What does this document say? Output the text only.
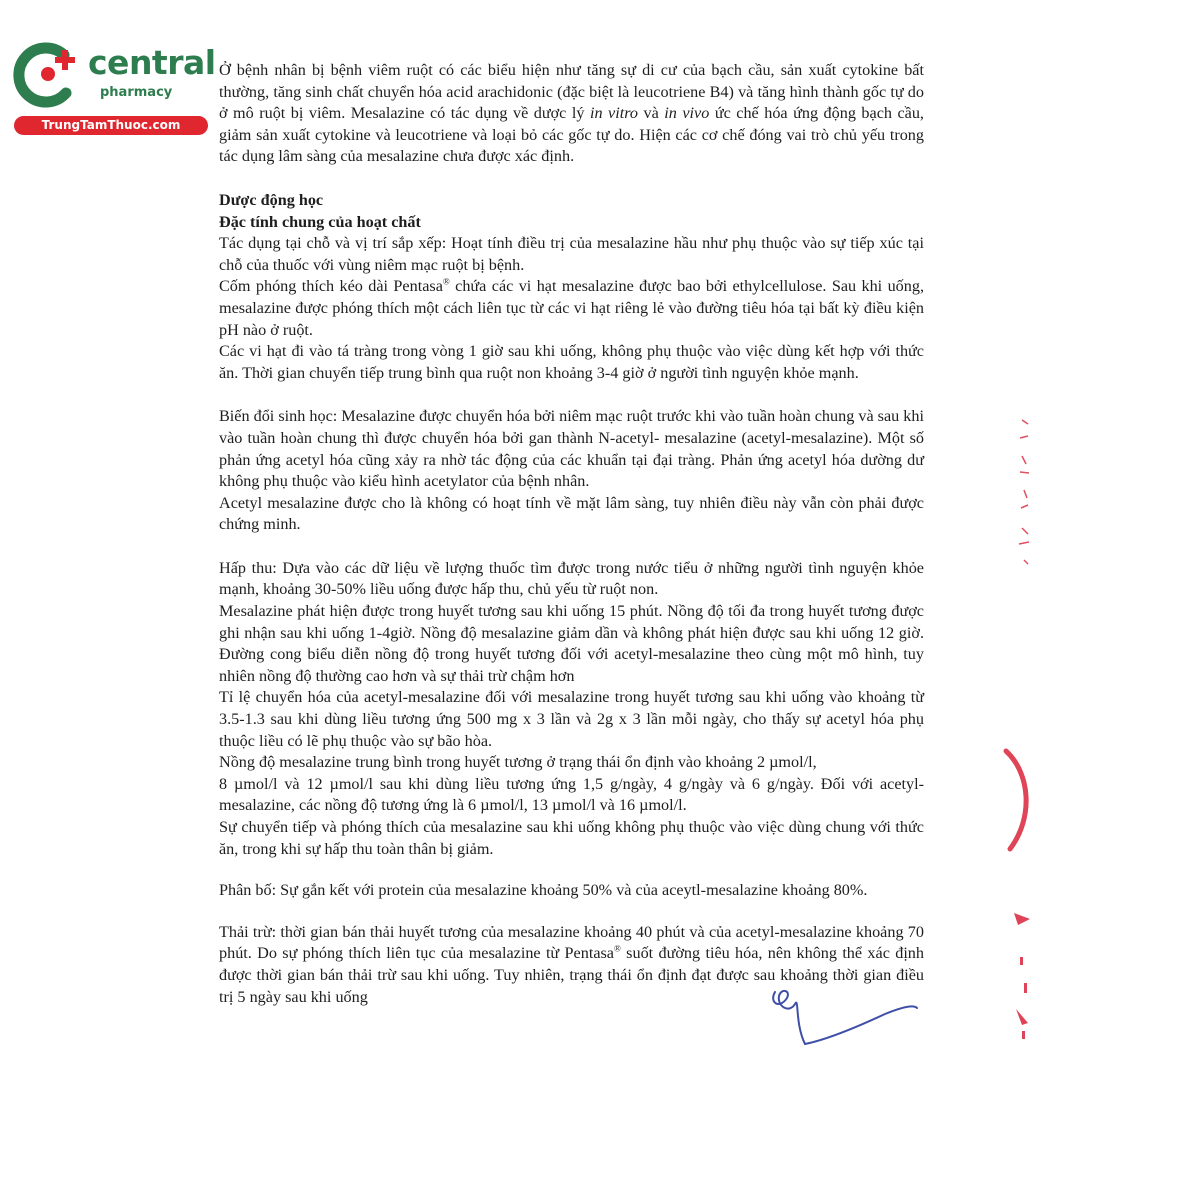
central
pharmacy
TrungTamThuoc.com

Ở bệnh nhân bị bệnh viêm ruột có các biểu hiện như tăng sự di cư của bạch cầu, sản xuất cytokine bất thường, tăng sinh chất chuyển hóa acid arachidonic (đặc biệt là leucotriene B4) và tăng hình thành gốc tự do ở mô ruột bị viêm. Mesalazine có tác dụng về dược lý in vitro và in vivo ức chế hóa ứng động bạch cầu, giảm sản xuất cytokine và leucotriene và loại bỏ các gốc tự do. Hiện các cơ chế đóng vai trò chủ yếu trong tác dụng lâm sàng của mesalazine chưa được xác định.

Dược động học

Đặc tính chung của hoạt chất

Tác dụng tại chỗ và vị trí sắp xếp: Hoạt tính điều trị của mesalazine hầu như phụ thuộc vào sự tiếp xúc tại chỗ của thuốc với vùng niêm mạc ruột bị bệnh.

Cốm phóng thích kéo dài Pentasa® chứa các vi hạt mesalazine được bao bởi ethylcellulose. Sau khi uống, mesalazine được phóng thích một cách liên tục từ các vi hạt riêng lẻ vào đường tiêu hóa tại bất kỳ điều kiện pH nào ở ruột.

Các vi hạt đi vào tá tràng trong vòng 1 giờ sau khi uống, không phụ thuộc vào việc dùng kết hợp với thức ăn. Thời gian chuyển tiếp trung bình qua ruột non khoảng 3-4 giờ ở người tình nguyện khỏe mạnh.

Biến đổi sinh học: Mesalazine được chuyển hóa bởi niêm mạc ruột trước khi vào tuần hoàn chung và sau khi vào tuần hoàn chung thì được chuyển hóa bởi gan thành N-acetyl- mesalazine (acetyl-mesalazine). Một số phản ứng acetyl hóa cũng xảy ra nhờ tác động của các khuẩn tại đại tràng. Phản ứng acetyl hóa dường dư không phụ thuộc vào kiểu hình acetylator của bệnh nhân.

Acetyl mesalazine được cho là không có hoạt tính về mặt lâm sàng, tuy nhiên điều này vẫn còn phải được chứng minh.

Hấp thu: Dựa vào các dữ liệu về lượng thuốc tìm được trong nước tiểu ở những người tình nguyện khỏe mạnh, khoảng 30-50% liều uống được hấp thu, chủ yếu từ ruột non.

Mesalazine phát hiện được trong huyết tương sau khi uống 15 phút. Nồng độ tối đa trong huyết tương được ghi nhận sau khi uống 1-4giờ. Nồng độ mesalazine giảm dần và không phát hiện được sau khi uống 12 giờ. Đường cong biểu diễn nồng độ trong huyết tương đối với acetyl-mesalazine theo cùng một mô hình, tuy nhiên nồng độ thường cao hơn và sự thải trừ chậm hơn

Tỉ lệ chuyển hóa của acetyl-mesalazine đối với mesalazine trong huyết tương sau khi uống vào khoảng từ 3.5-1.3 sau khi dùng liều tương ứng 500 mg x 3 lần và 2g x 3 lần mỗi ngày, cho thấy sự acetyl hóa phụ thuộc liều có lẽ phụ thuộc vào sự bão hòa.

Nồng độ mesalazine trung bình trong huyết tương ở trạng thái ổn định vào khoảng 2 µmol/l,

8 µmol/l và 12 µmol/l sau khi dùng liều tương ứng 1,5 g/ngày, 4 g/ngày và 6 g/ngày. Đối với acetyl-mesalazine, các nồng độ tương ứng là 6 µmol/l, 13 µmol/l và 16 µmol/l.

Sự chuyển tiếp và phóng thích của mesalazine sau khi uống không phụ thuộc vào việc dùng chung với thức ăn, trong khi sự hấp thu toàn thân bị giảm.

Phân bố: Sự gắn kết với protein của mesalazine khoảng 50% và của aceytl-mesalazine khoảng 80%.

Thải trừ: thời gian bán thải huyết tương của mesalazine khoảng 40 phút và của acetyl-mesalazine khoảng 70 phút. Do sự phóng thích liên tục của mesalazine từ Pentasa® suốt đường tiêu hóa, nên không thể xác định được thời gian bán thải trừ sau khi uống. Tuy nhiên, trạng thái ổn định đạt được sau khoảng thời gian điều trị 5 ngày sau khi uống
